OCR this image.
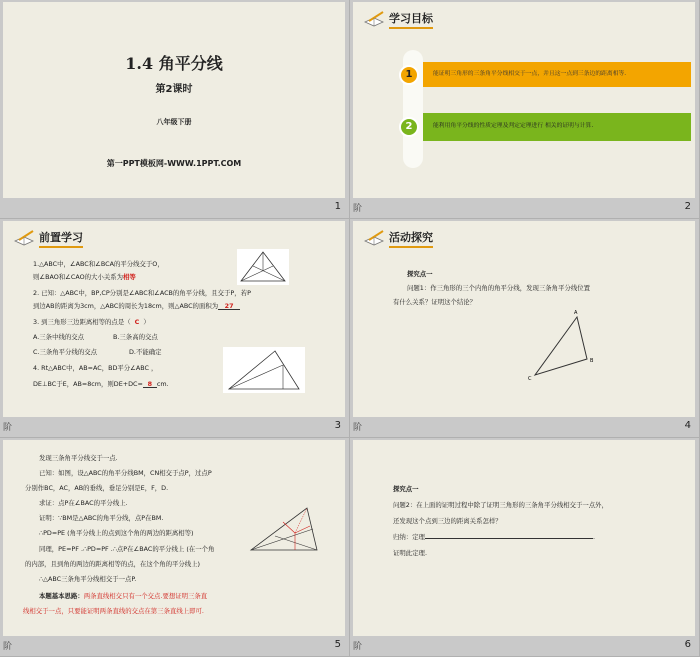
1.4 角平分线
第2课时
八年级下册
第一PPT模板网-WWW.1PPT.COM
1
学习目标
1	能证明三角形的三条角平分线相交于一点，并且这一点到三条边的距离相等.
2	能利用角平分线的性质定理及判定定理进行 相关的证明与计算.
阶	2
前置学习
1.△ABC中，∠ABC和∠BCA的平分线交于O，
则∠BAO和∠CAO的大小关系为相等
2. 已知：△ABC中，BP,CP分别是∠ABC和∠ACB的角平分线，且交于P，若P
到边AB的距离为3cm，△ABC的周长为18cm，则△ABC的面积为 27
3. 到三角形三边距离相等的点是（ C ）
A.三条中线的交点	B.三条高的交点
C.三条角平分线的交点	D.不能确定
4. Rt△ABC中，AB=AC，BD平分∠ABC ，
DE⊥BC于E，AB=8cm，则DE+DC= 8 cm.
阶	3
活动探究
探究点一
问题1：作三角形的三个内角的角平分线，发现三条角平分线位置
有什么关系？证明这个结论？
A
B
C
阶	4
发现三条角平分线交于一点.
已知：如图，设△ABC的角平分线BM，CN相交于点P，过点P
分别作BC，AC，AB的垂线，垂足分别是E，F，D.
求证：点P在∠BAC的平分线上.
证明：∵BM是△ABC的角平分线，点P在BM.
∴PD=PE (角平分线上的点到这个角的两边的距离相等)
同理，PE=PF .∴PD=PF .∴点P在∠BAC的平分线上 (在一个角
的内部，且到角的两边的距离相等的点，在这个角的平分线上)
∴△ABC三条角平分线相交于一点P.
本题基本思路：两条直线相交只有一个交点.要想证明三条直
线相交于一点，只要能证明两条直线的交点在第三条直线上即可.
阶	5
探究点一
问题2：在上面的证明过程中除了证明三角形的三条角平分线相交于一点外，
还发现这个点到三边的距离关系怎样？
归纳：定理	.
证明此定理.
阶	6
